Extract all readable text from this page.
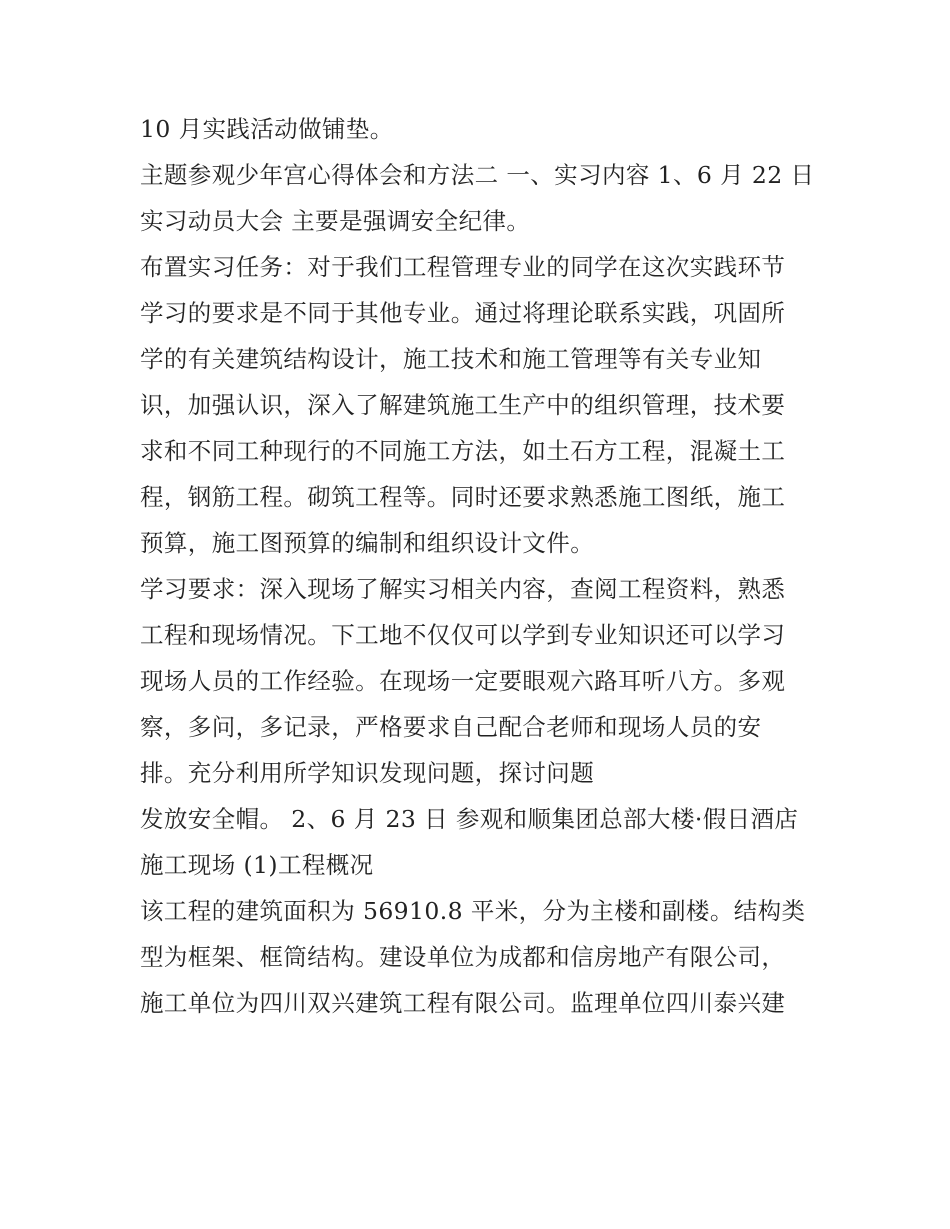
10 月实践活动做铺垫。
主题参观少年宫心得体会和方法二 一、实习内容 1、6 月 22 日
实习动员大会 主要是强调安全纪律。
布置实习任务：对于我们工程管理专业的同学在这次实践环节
学习的要求是不同于其他专业。通过将理论联系实践，巩固所
学的有关建筑结构设计，施工技术和施工管理等有关专业知
识，加强认识，深入了解建筑施工生产中的组织管理，技术要
求和不同工种现行的不同施工方法，如土石方工程，混凝土工
程，钢筋工程。砌筑工程等。同时还要求熟悉施工图纸，施工
预算，施工图预算的编制和组织设计文件。
学习要求：深入现场了解实习相关内容，查阅工程资料，熟悉
工程和现场情况。下工地不仅仅可以学到专业知识还可以学习
现场人员的工作经验。在现场一定要眼观六路耳听八方。多观
察，多问，多记录，严格要求自己配合老师和现场人员的安
排。充分利用所学知识发现问题，探讨问题
发放安全帽。 2、6 月 23 日 参观和顺集团总部大楼·假日酒店
施工现场 (1)工程概况
该工程的建筑面积为 56910.8 平米，分为主楼和副楼。结构类
型为框架、框筒结构。建设单位为成都和信房地产有限公司，
施工单位为四川双兴建筑工程有限公司。监理单位四川泰兴建
